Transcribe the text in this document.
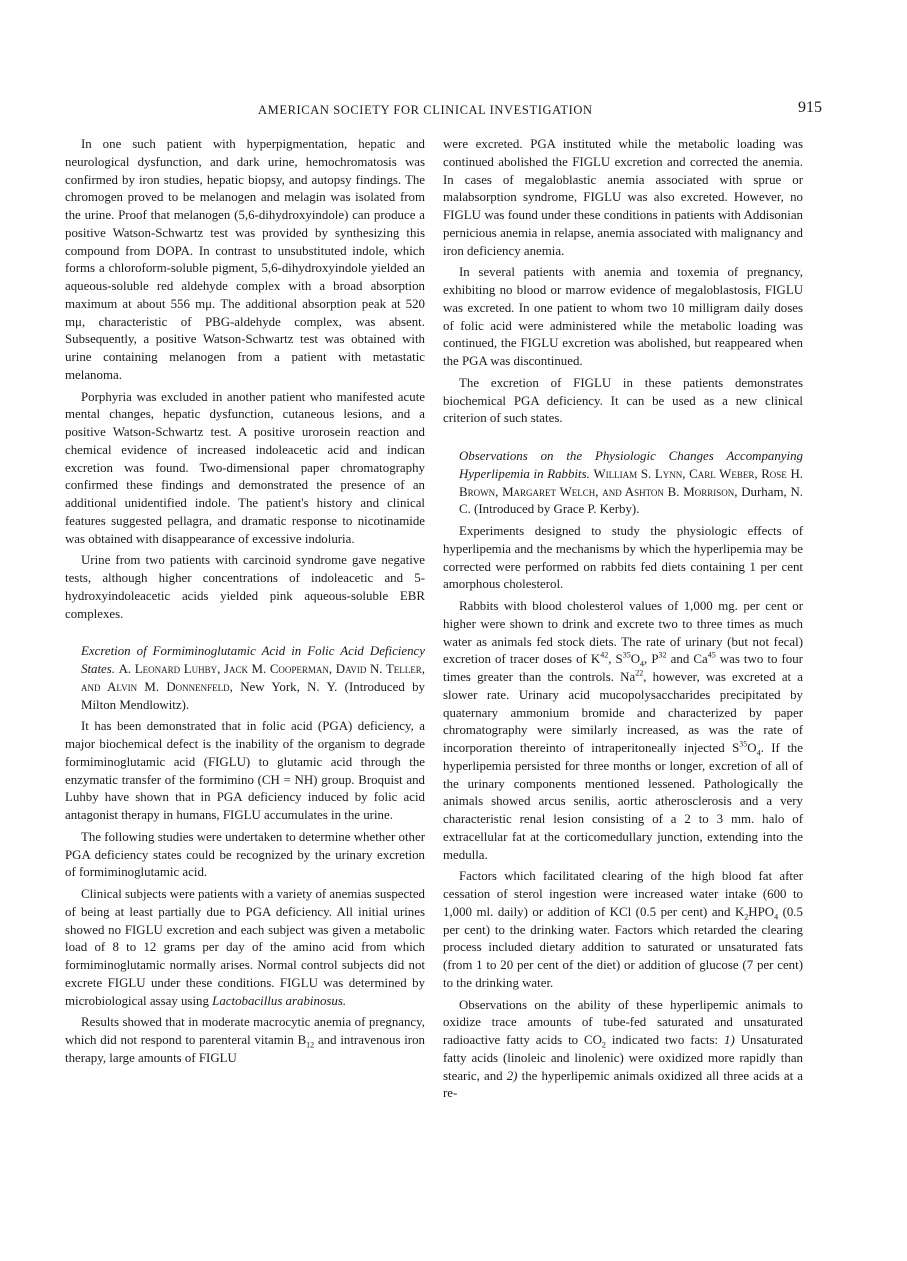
AMERICAN SOCIETY FOR CLINICAL INVESTIGATION	915

In one such patient with hyperpigmentation, hepatic and neurological dysfunction, and dark urine, hemochromatosis was confirmed by iron studies, hepatic biopsy, and autopsy findings. The chromogen proved to be melanogen and melagin was isolated from the urine. Proof that melanogen (5,6-dihydroxyindole) can produce a positive Watson-Schwartz test was provided by synthesizing this compound from DOPA. In contrast to unsubstituted indole, which forms a chloroform-soluble pigment, 5,6-dihydroxyindole yielded an aqueous-soluble red aldehyde complex with a broad absorption maximum at about 556 mμ. The additional absorption peak at 520 mμ, characteristic of PBG-aldehyde complex, was absent. Subsequently, a positive Watson-Schwartz test was obtained with urine containing melanogen from a patient with metastatic melanoma.

Porphyria was excluded in another patient who manifested acute mental changes, hepatic dysfunction, cutaneous lesions, and a positive Watson-Schwartz test. A positive urorosein reaction and chemical evidence of increased indoleacetic acid and indican excretion was found. Two-dimensional paper chromatography confirmed these findings and demonstrated the presence of an additional unidentified indole. The patient's history and clinical features suggested pellagra, and dramatic response to nicotinamide was obtained with disappearance of excessive indoluria.

Urine from two patients with carcinoid syndrome gave negative tests, although higher concentrations of indoleacetic and 5-hydroxyindoleacetic acids yielded pink aqueous-soluble EBR complexes.

Excretion of Formiminoglutamic Acid in Folic Acid Deficiency States. A. Leonard Luhby, Jack M. Cooperman, David N. Teller, and Alvin M. Donnenfeld, New York, N. Y. (Introduced by Milton Mendlowitz).

It has been demonstrated that in folic acid (PGA) deficiency, a major biochemical defect is the inability of the organism to degrade formiminoglutamic acid (FIGLU) to glutamic acid through the enzymatic transfer of the formimino (CH = NH) group. Broquist and Luhby have shown that in PGA deficiency induced by folic acid antagonist therapy in humans, FIGLU accumulates in the urine.

The following studies were undertaken to determine whether other PGA deficiency states could be recognized by the urinary excretion of formiminoglutamic acid.

Clinical subjects were patients with a variety of anemias suspected of being at least partially due to PGA deficiency. All initial urines showed no FIGLU excretion and each subject was given a metabolic load of 8 to 12 grams per day of the amino acid from which formiminoglutamic normally arises. Normal control subjects did not excrete FIGLU under these conditions. FIGLU was determined by microbiological assay using Lactobacillus arabinosus.

Results showed that in moderate macrocytic anemia of pregnancy, which did not respond to parenteral vitamin $B_{12}$ and intravenous iron therapy, large amounts of FIGLU

were excreted. PGA instituted while the metabolic loading was continued abolished the FIGLU excretion and corrected the anemia. In cases of megaloblastic anemia associated with sprue or malabsorption syndrome, FIGLU was also excreted. However, no FIGLU was found under these conditions in patients with Addisonian pernicious anemia in relapse, anemia associated with malignancy and iron deficiency anemia.

In several patients with anemia and toxemia of pregnancy, exhibiting no blood or marrow evidence of megaloblastosis, FIGLU was excreted. In one patient to whom two 10 milligram daily doses of folic acid were administered while the metabolic loading was continued, the FIGLU excretion was abolished, but reappeared when the PGA was discontinued.

The excretion of FIGLU in these patients demonstrates biochemical PGA deficiency. It can be used as a new clinical criterion of such states.

Observations on the Physiologic Changes Accompanying Hyperlipemia in Rabbits. William S. Lynn, Carl Weber, Rose H. Brown, Margaret Welch, and Ashton B. Morrison, Durham, N. C. (Introduced by Grace P. Kerby).

Experiments designed to study the physiologic effects of hyperlipemia and the mechanisms by which the hyperlipemia may be corrected were performed on rabbits fed diets containing 1 per cent amorphous cholesterol.

Rabbits with blood cholesterol values of 1,000 mg. per cent or higher were shown to drink and excrete two to three times as much water as animals fed stock diets. The rate of urinary (but not fecal) excretion of tracer doses of $K^{42}$, $S^{35}O_4$, $P^{32}$ and Ca$^{45}$ was two to four times greater than the controls. Na$^{22}$, however, was excreted at a slower rate. Urinary acid mucopolysaccharides precipitated by quaternary ammonium bromide and characterized by paper chromatography were similarly increased, as was the rate of incorporation thereinto of intraperitoneally injected $S^{35}O_4$. If the hyperlipemia persisted for three months or longer, excretion of all of the urinary components mentioned lessened. Pathologically the animals showed arcus senilis, aortic atherosclerosis and a very characteristic renal lesion consisting of a 2 to 3 mm. halo of extracellular fat at the corticomedullary junction, extending into the medulla.

Factors which facilitated clearing of the high blood fat after cessation of sterol ingestion were increased water intake (600 to 1,000 ml. daily) or addition of KCl (0.5 per cent) and $K_2HPO_4$ (0.5 per cent) to the drinking water. Factors which retarded the clearing process included dietary addition to saturated or unsaturated fats (from 1 to 20 per cent of the diet) or addition of glucose (7 per cent) to the drinking water.

Observations on the ability of these hyperlipemic animals to oxidize trace amounts of tube-fed saturated and unsaturated radioactive fatty acids to $CO_2$ indicated two facts: 1) Unsaturated fatty acids (linoleic and linolenic) were oxidized more rapidly than stearic, and 2) the hyperlipemic animals oxidized all three acids at a re-
